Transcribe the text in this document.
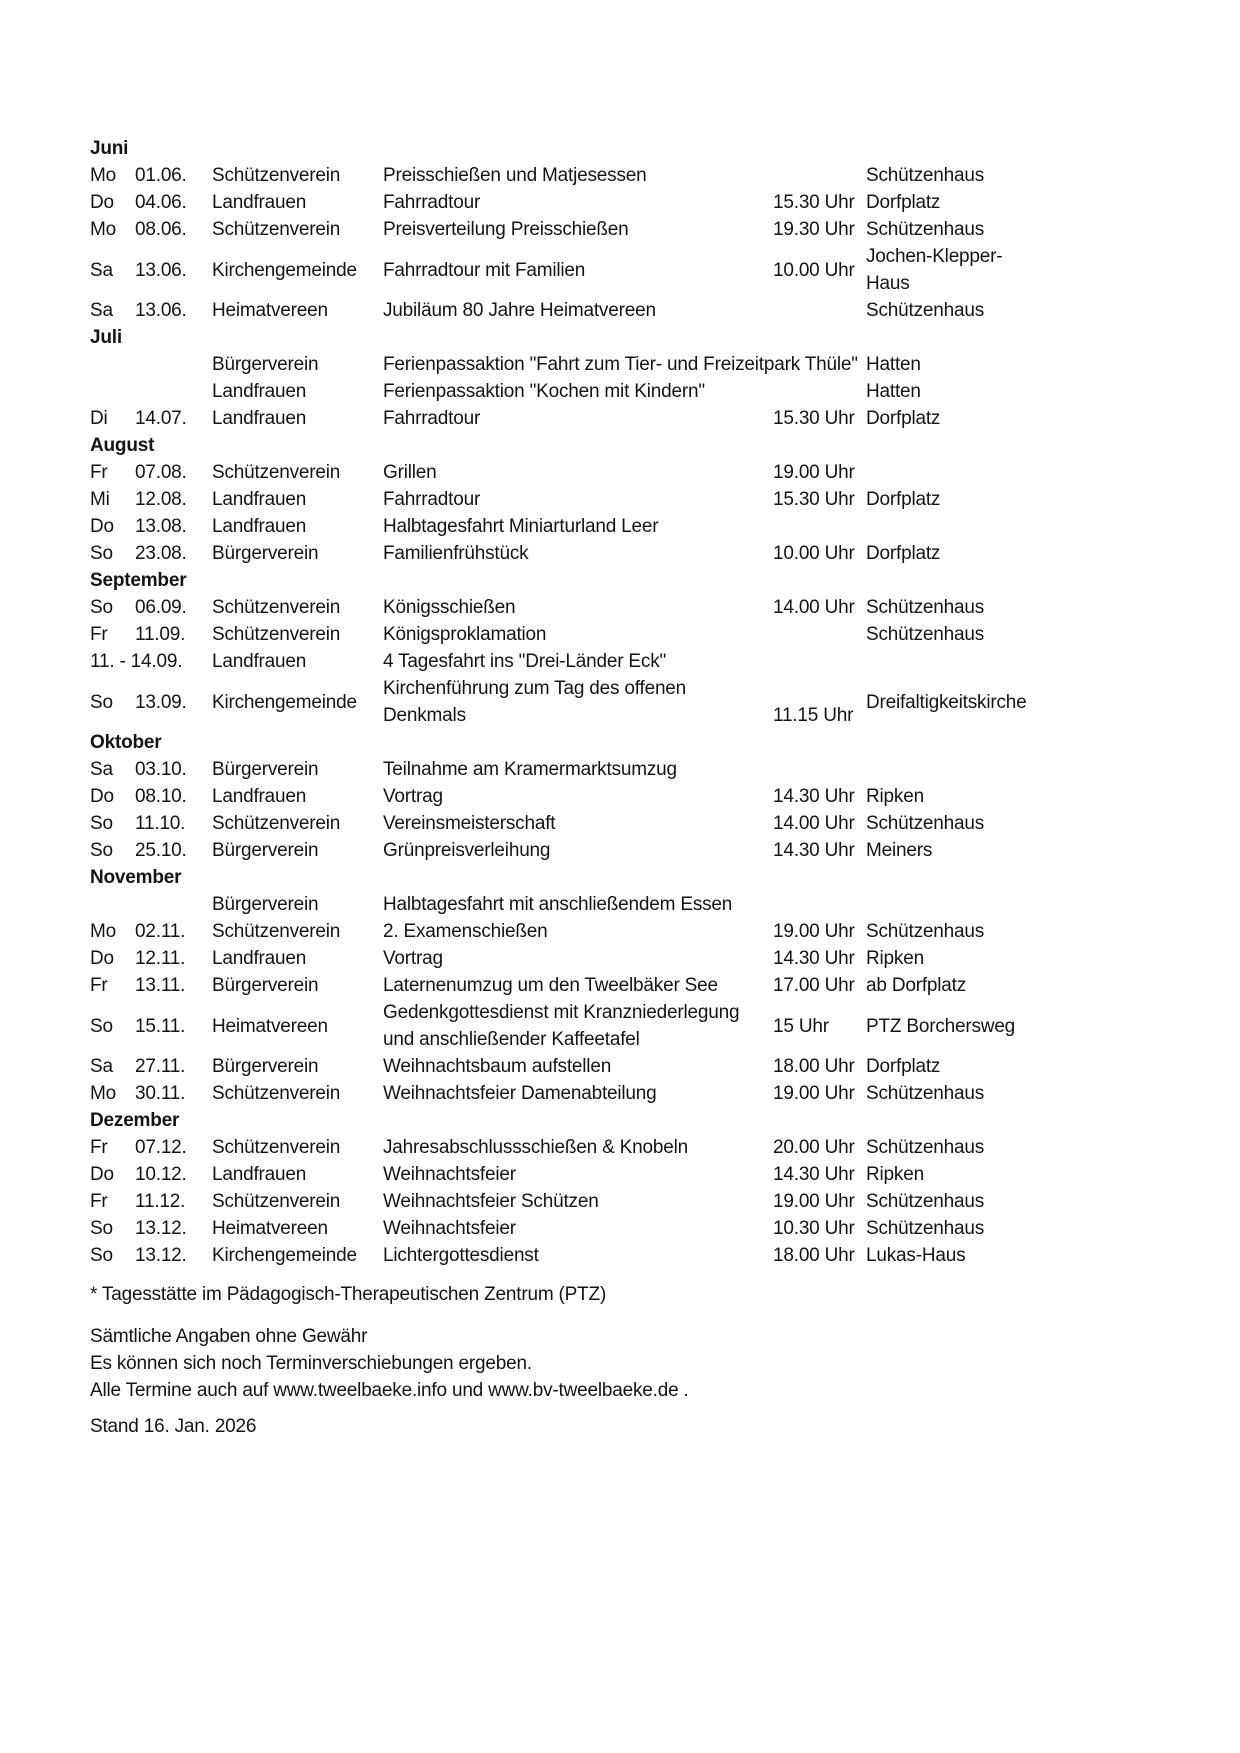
Juni					
Mo	01.06.	Schützenverein	Preisschießen und Matjesessen		Schützenhaus
Do	04.06.	Landfrauen	Fahrradtour	15.30 Uhr	Dorfplatz
Mo	08.06.	Schützenverein	Preisverteilung Preisschießen	19.30 Uhr	Schützenhaus
Sa	13.06.	Kirchengemeinde	Fahrradtour mit Familien	10.00 Uhr	Jochen-Klepper-
Haus

Sa	13.06.	Heimatvereen	Jubiläum 80 Jahre Heimatvereen		Schützenhaus
Juli					
		Bürgerverein	Ferienpassaktion "Fahrt zum Tier- und Freizeitpark Thüle"		Hatten
		Landfrauen	Ferienpassaktion "Kochen mit Kindern"		Hatten
Di	14.07.	Landfrauen	Fahrradtour	15.30 Uhr	Dorfplatz
August					
Fr	07.08.	Schützenverein	Grillen	19.00 Uhr	
Mi	12.08.	Landfrauen	Fahrradtour	15.30 Uhr	Dorfplatz
Do	13.08.	Landfrauen	Halbtagesfahrt Miniarturland Leer		
So	23.08.	Bürgerverein	Familienfrühstück	10.00 Uhr	Dorfplatz
September					
So	06.09.	Schützenverein	Königsschießen	14.00 Uhr	Schützenhaus
Fr	11.09.	Schützenverein	Königsproklamation		Schützenhaus
11. - 14.09.		Landfrauen	4 Tagesfahrt ins "Drei-Länder Eck"		
So	13.09.	Kirchengemeinde	Kirchenführung zum Tag des offenen
Denkmals	11.15 Uhr	Dreifaltigkeitskirche
Oktober					
Sa	03.10.	Bürgerverein	Teilnahme am Kramermarktsumzug		
Do	08.10.	Landfrauen	Vortrag	14.30 Uhr	Ripken
So	11.10.	Schützenverein	Vereinsmeisterschaft	14.00 Uhr	Schützenhaus
So	25.10.	Bürgerverein	Grünpreisverleihung	14.30 Uhr	Meiners
November					
		Bürgerverein	Halbtagesfahrt mit anschließendem Essen		
Mo	02.11.	Schützenverein	2. Examenschießen	19.00 Uhr	Schützenhaus
Do	12.11.	Landfrauen	Vortrag	14.30 Uhr	Ripken
Fr	13.11.	Bürgerverein	Laternenumzug um den Tweelbäker See	17.00 Uhr	ab Dorfplatz
So	15.11.	Heimatvereen	Gedenkgottesdienst mit Kranzniederlegung
und anschließender Kaffeetafel	15 Uhr	PTZ Borchersweg
Sa	27.11.	Bürgerverein	Weihnachtsbaum aufstellen	18.00 Uhr	Dorfplatz
Mo	30.11.	Schützenverein	Weihnachtsfeier Damenabteilung	19.00 Uhr	Schützenhaus
Dezember					
Fr	07.12.	Schützenverein	Jahresabschlussschießen & Knobeln	20.00 Uhr	Schützenhaus
Do	10.12.	Landfrauen	Weihnachtsfeier	14.30 Uhr	Ripken
Fr	11.12.	Schützenverein	Weihnachtsfeier Schützen	19.00 Uhr	Schützenhaus
So	13.12.	Heimatvereen	Weihnachtsfeier	10.30 Uhr	Schützenhaus
So	13.12.	Kirchengemeinde	Lichtergottesdienst	18.00 Uhr	Lukas-Haus
* Tagesstätte im Pädagogisch-Therapeutischen Zentrum (PTZ)
Sämtliche Angaben ohne Gewähr
Es können sich noch Terminverschiebungen ergeben.
Alle Termine auch auf www.tweelbaeke.info und www.bv-tweelbaeke.de .
Stand 16. Jan. 2026
